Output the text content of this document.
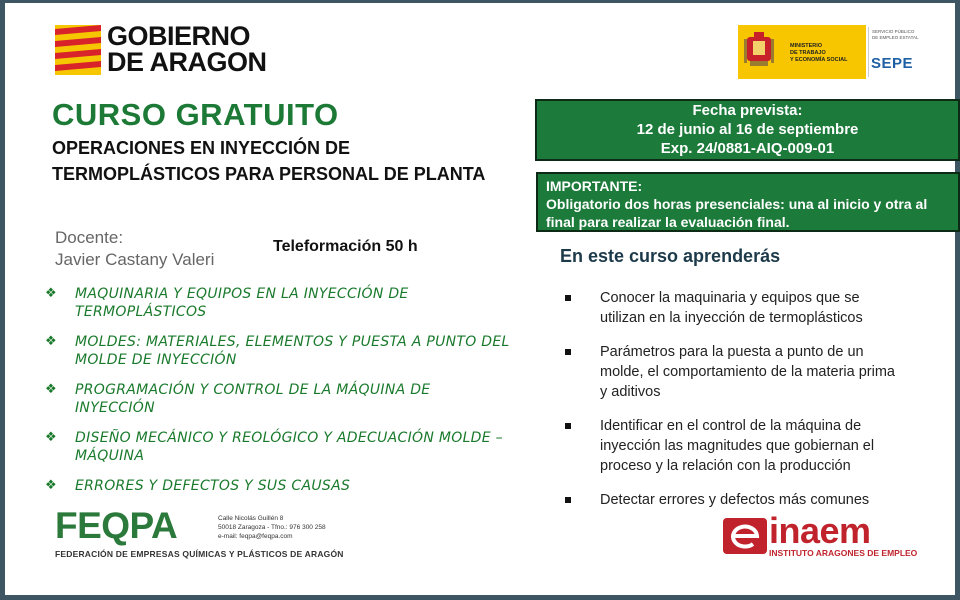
GOBIERNO
DE ARAGON
MINISTERIO
DE TRABAJO
Y ECONOMÍA SOCIAL
SERVICIO PÚBLICO
DE EMPLEO ESTATAL
SEPE
CURSO GRATUITO
OPERACIONES EN INYECCIÓN DE TERMOPLÁSTICOS PARA PERSONAL DE PLANTA
Docente:
Javier Castany Valeri
Teleformación 50 h
❖ MAQUINARIA Y EQUIPOS EN LA INYECCIÓN DE TERMOPLÁSTICOS
❖ MOLDES: MATERIALES, ELEMENTOS Y PUESTA A PUNTO DEL MOLDE DE INYECCIÓN
❖ PROGRAMACIÓN Y CONTROL DE LA MÁQUINA DE INYECCIÓN
❖ DISEÑO MECÁNICO Y REOLÓGICO Y ADECUACIÓN MOLDE – MÁQUINA
❖ ERRORES Y DEFECTOS Y SUS CAUSAS
Fecha prevista:
12 de junio al 16 de septiembre
Exp. 24/0881-AIQ-009-01
IMPORTANTE:
Obligatorio dos horas presenciales: una al inicio y otra al final para realizar la evaluación final.
En este curso aprenderás
Conocer la maquinaria y equipos que se utilizan en la inyección de termoplásticos
Parámetros para la puesta a punto de un molde, el comportamiento de la materia prima y aditivos
Identificar en el control de la máquina de inyección las magnitudes que gobiernan el proceso y la relación con la producción
Detectar errores y defectos más comunes
FEQPA	Calle Nicolás Guillén 8
50018 Zaragoza - Tfno.: 976 300 258
e-mail: feqpa@feqpa.com
FEDERACIÓN DE EMPRESAS QUÍMICAS Y PLÁSTICOS DE ARAGÓN
inaem
INSTITUTO ARAGONES DE EMPLEO
